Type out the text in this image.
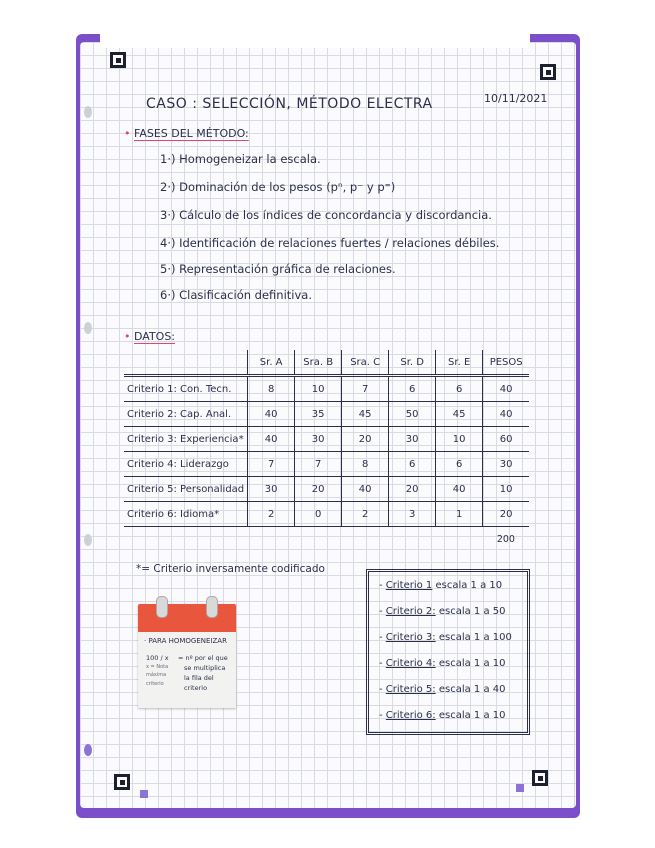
CASO : SELECCIÓN, MÉTODO ELECTRA	10/11/2021
• FASES DEL MÉTODO:
1·) Homogeneizar la escala.
2·) Dominación de los pesos (pⁿ, p⁻ y p⁼)
3·) Cálculo de los índices de concordancia y discordancia.
4·) Identificación de relaciones fuertes / relaciones débiles.
5·) Representación gráfica de relaciones.
6·) Clasificación definitiva.
• DATOS:
	Sr. A	Sra. B	Sra. C	Sr. D	Sr. E	PESOS
Criterio 1: Con. Tecn.	8	10	7	6	6	40
Criterio 2: Cap. Anal.	40	35	45	50	45	40
Criterio 3: Experiencia*	40	30	20	30	10	60
Criterio 4: Liderazgo	7	7	8	6	6	30
Criterio 5: Personalidad	30	20	40	20	40	10
Criterio 6: Idioma*	2	0	2	3	1	20
						200
*= Criterio inversamente codificado
· PARA HOMOGENEIZAR
100 / x = nº por el que
x = Nota se multiplica
máxima	la fila del
criterio	criterio
- Criterio 1 escala 1 a 10
- Criterio 2: escala 1 a 50
- Criterio 3: escala 1 a 100
- Criterio 4: escala 1 a 10
- Criterio 5: escala 1 a 40
- Criterio 6: escala 1 a 10
